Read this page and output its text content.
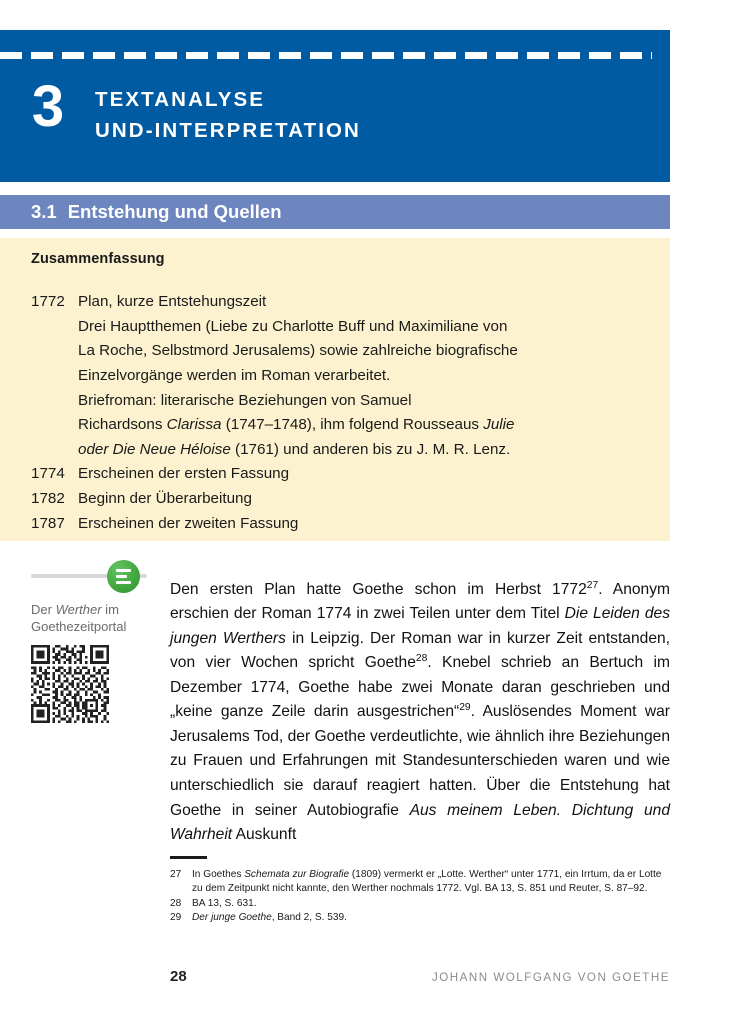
3	TEXTANALYSE
UND-INTERPRETATION
3.1 Entstehung und Quellen
Zusammenfassung
1772 Plan, kurze Entstehungszeit
Drei Hauptthemen (Liebe zu Charlotte Buff und Maximiliane von
La Roche, Selbstmord Jerusalems) sowie zahlreiche biografische
Einzelvorgänge werden im Roman verarbeitet.
Briefroman: literarische Beziehungen von Samuel
Richardsons Clarissa (1747–1748), ihm folgend Rousseaus Julie
oder Die Neue Héloise (1761) und anderen bis zu J. M. R. Lenz.
1774 Erscheinen der ersten Fassung
1782 Beginn der Überarbeitung
1787 Erscheinen der zweiten Fassung
Der Werther im Goethezeitportal

Den ersten Plan hatte Goethe schon im Herbst 1772$^{27}$. Anonym erschien der Roman 1774 in zwei Teilen unter dem Titel Die Leiden des jungen Werthers in Leipzig. Der Roman war in kurzer Zeit entstanden, von vier Wochen spricht Goethe$^{28}$. Knebel schrieb an Bertuch im Dezember 1774, Goethe habe zwei Monate daran geschrieben und „keine ganze Zeile darin ausgestrichen“$^{29}$. Auslösendes Moment war Jerusalems Tod, der Goethe verdeutlichte, wie ähnlich ihre Beziehungen zu Frauen und Erfahrungen mit Standesunterschieden waren und wie unterschiedlich sie darauf reagiert hatten. Über die Entstehung hat Goethe in seiner Autobiografie Aus meinem Leben. Dichtung und Wahrheit Auskunft

27	In Goethes Schemata zur Biografie (1809) vermerkt er „Lotte. Werther“ unter 1771, ein Irrtum, da er Lotte zu dem Zeitpunkt nicht kannte, den Werther nochmals 1772. Vgl. BA 13, S. 851 und Reuter, S. 87–92.
28	BA 13, S. 631.
29	Der junge Goethe, Band 2, S. 539.
28	JOHANN WOLFGANG VON GOETHE
